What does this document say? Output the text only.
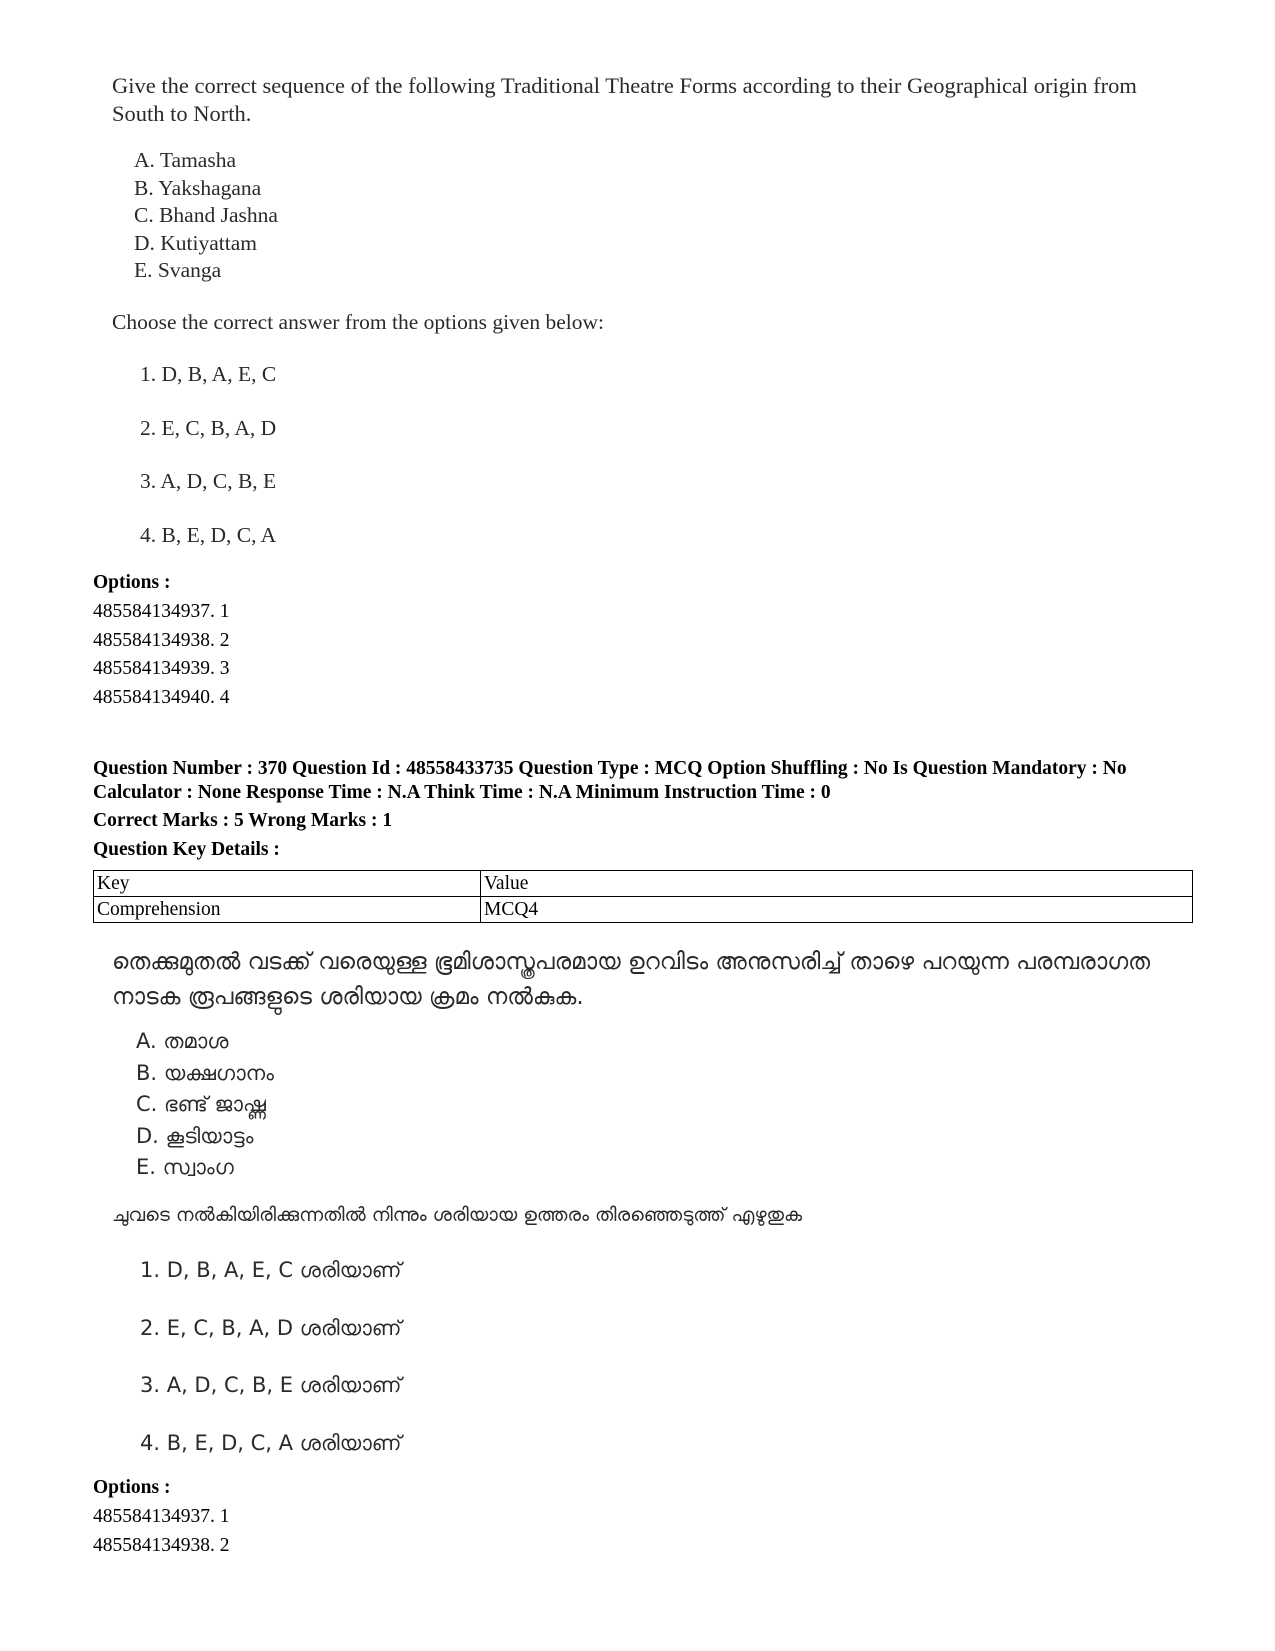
Give the correct sequence of the following Traditional Theatre Forms according to their Geographical origin from South to North.
A. Tamasha
B. Yakshagana
C. Bhand Jashna
D. Kutiyattam
E. Svanga
Choose the correct answer from the options given below:
1. D, B, A, E, C
2. E, C, B, A, D
3. A, D, C, B, E
4. B, E, D, C, A
Options :
485584134937. 1
485584134938. 2
485584134939. 3
485584134940. 4
Question Number : 370 Question Id : 48558433735 Question Type : MCQ Option Shuffling : No Is Question Mandatory : No Calculator : None Response Time : N.A Think Time : N.A Minimum Instruction Time : 0
Correct Marks : 5 Wrong Marks : 1
Question Key Details :
Key	Value
Comprehension	MCQ4
തെക്കുമുതൽ വടക്ക് വരെയുള്ള ഭൂമിശാസ്ത്രപരമായ ഉറവിടം അനുസരിച്ച് താഴെ പറയുന്ന പരമ്പരാഗത നാടക രൂപങ്ങളുടെ ശരിയായ ക്രമം നൽകുക.
A. തമാശ
B. യക്ഷഗാനം
C. ഭണ്ട് ജാഷ്ണ
D. കൂടിയാട്ടം
E. സ്വാംഗ
ചുവടെ നൽകിയിരിക്കുന്നതിൽ നിന്നും ശരിയായ ഉത്തരം തിരഞ്ഞെടുത്ത് എഴുതുക
1. D, B, A, E, C ശരിയാണ്
2. E, C, B, A, D ശരിയാണ്
3. A, D, C, B, E ശരിയാണ്
4. B, E, D, C, A ശരിയാണ്
Options :
485584134937. 1
485584134938. 2
